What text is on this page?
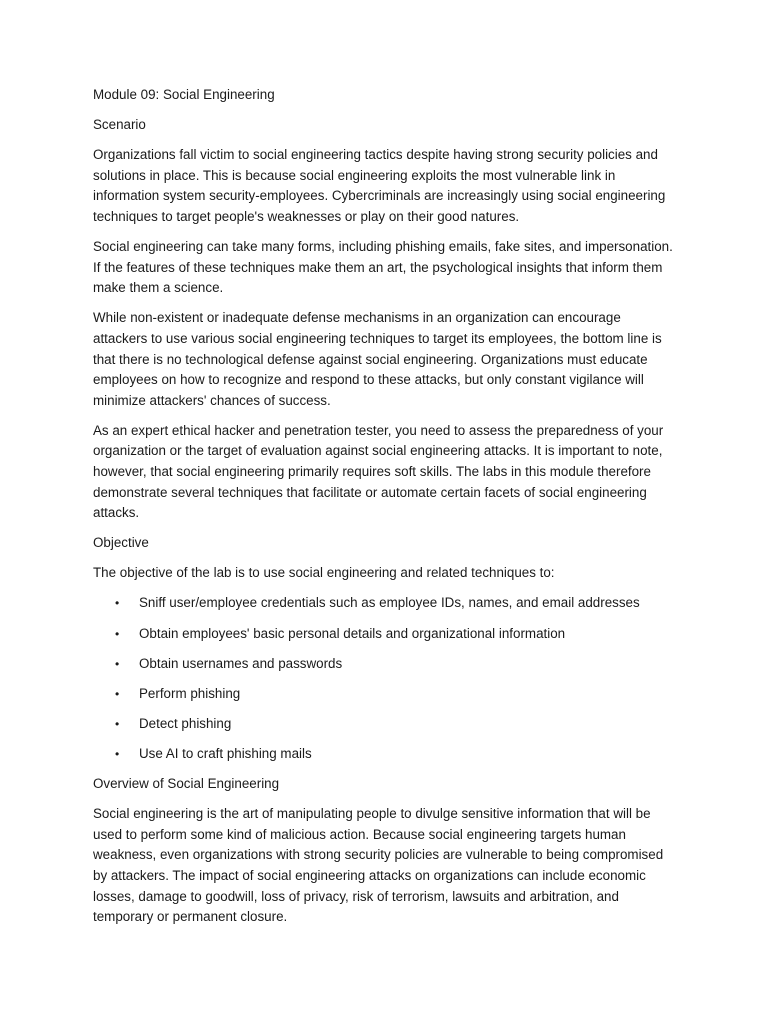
Module 09: Social Engineering
Scenario
Organizations fall victim to social engineering tactics despite having strong security policies and solutions in place. This is because social engineering exploits the most vulnerable link in information system security-employees. Cybercriminals are increasingly using social engineering techniques to target people's weaknesses or play on their good natures.
Social engineering can take many forms, including phishing emails, fake sites, and impersonation. If the features of these techniques make them an art, the psychological insights that inform them make them a science.
While non-existent or inadequate defense mechanisms in an organization can encourage attackers to use various social engineering techniques to target its employees, the bottom line is that there is no technological defense against social engineering. Organizations must educate employees on how to recognize and respond to these attacks, but only constant vigilance will minimize attackers' chances of success.
As an expert ethical hacker and penetration tester, you need to assess the preparedness of your organization or the target of evaluation against social engineering attacks. It is important to note, however, that social engineering primarily requires soft skills. The labs in this module therefore demonstrate several techniques that facilitate or automate certain facets of social engineering attacks.
Objective
The objective of the lab is to use social engineering and related techniques to:
• Sniff user/employee credentials such as employee IDs, names, and email addresses
• Obtain employees' basic personal details and organizational information
• Obtain usernames and passwords
• Perform phishing
• Detect phishing
• Use AI to craft phishing mails
Overview of Social Engineering
Social engineering is the art of manipulating people to divulge sensitive information that will be used to perform some kind of malicious action. Because social engineering targets human weakness, even organizations with strong security policies are vulnerable to being compromised by attackers. The impact of social engineering attacks on organizations can include economic losses, damage to goodwill, loss of privacy, risk of terrorism, lawsuits and arbitration, and temporary or permanent closure.
